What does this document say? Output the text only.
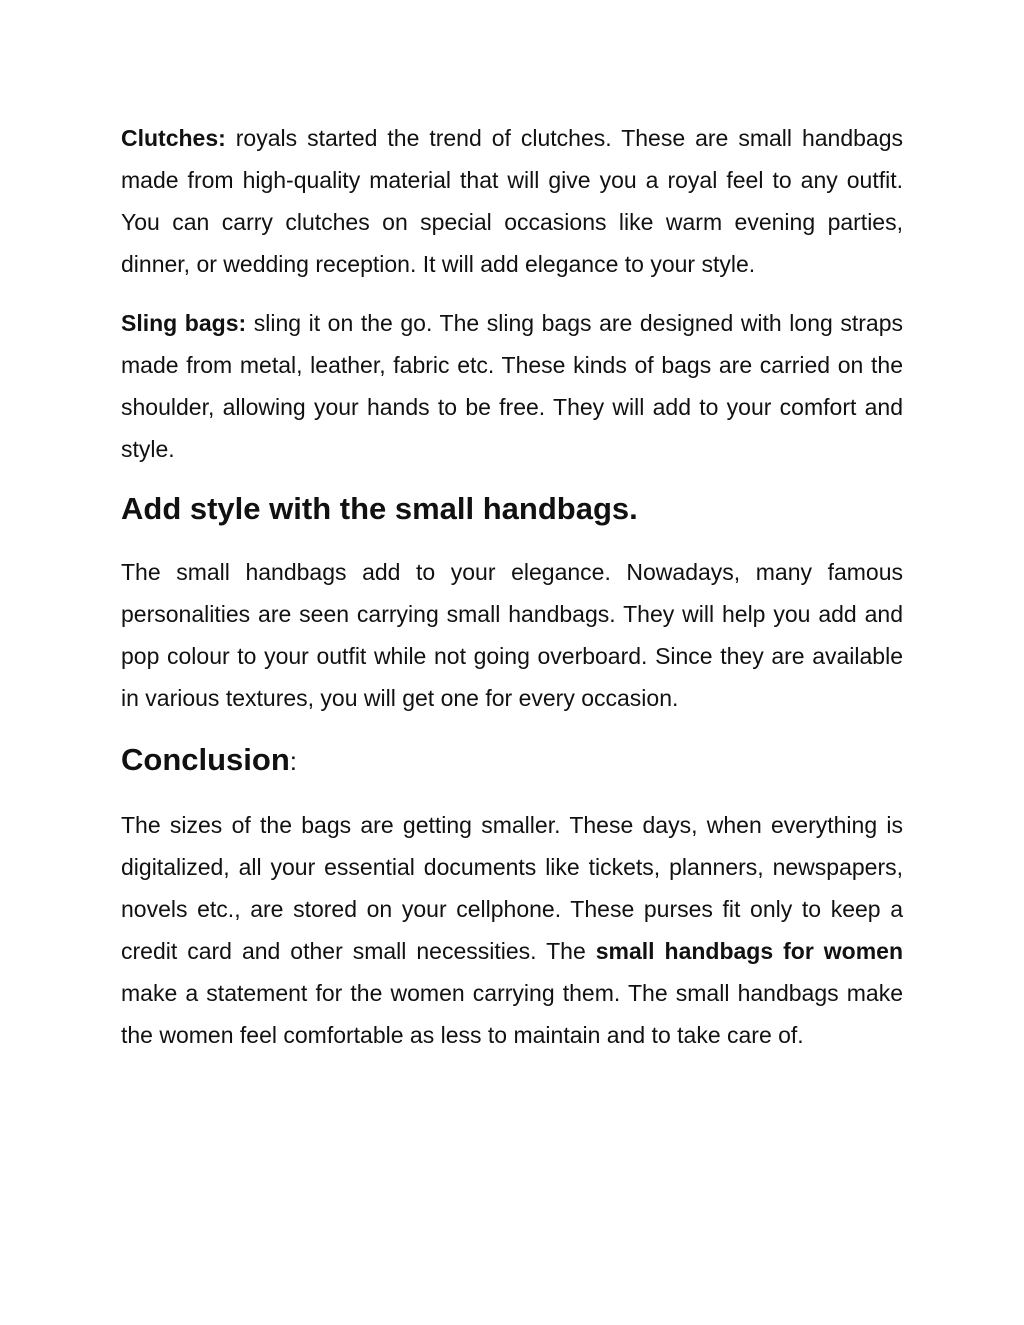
Clutches: royals started the trend of clutches. These are small handbags made from high-quality material that will give you a royal feel to any outfit. You can carry clutches on special occasions like warm evening parties, dinner, or wedding reception. It will add elegance to your style.

Sling bags: sling it on the go. The sling bags are designed with long straps made from metal, leather, fabric etc. These kinds of bags are carried on the shoulder, allowing your hands to be free. They will add to your comfort and style.

Add style with the small handbags.

The small handbags add to your elegance. Nowadays, many famous personalities are seen carrying small handbags. They will help you add and pop colour to your outfit while not going overboard. Since they are available in various textures, you will get one for every occasion.

Conclusion:

The sizes of the bags are getting smaller. These days, when everything is digitalized, all your essential documents like tickets, planners, newspapers, novels etc., are stored on your cellphone. These purses fit only to keep a credit card and other small necessities. The small handbags for women make a statement for the women carrying them. The small handbags make the women feel comfortable as less to maintain and to take care of.
